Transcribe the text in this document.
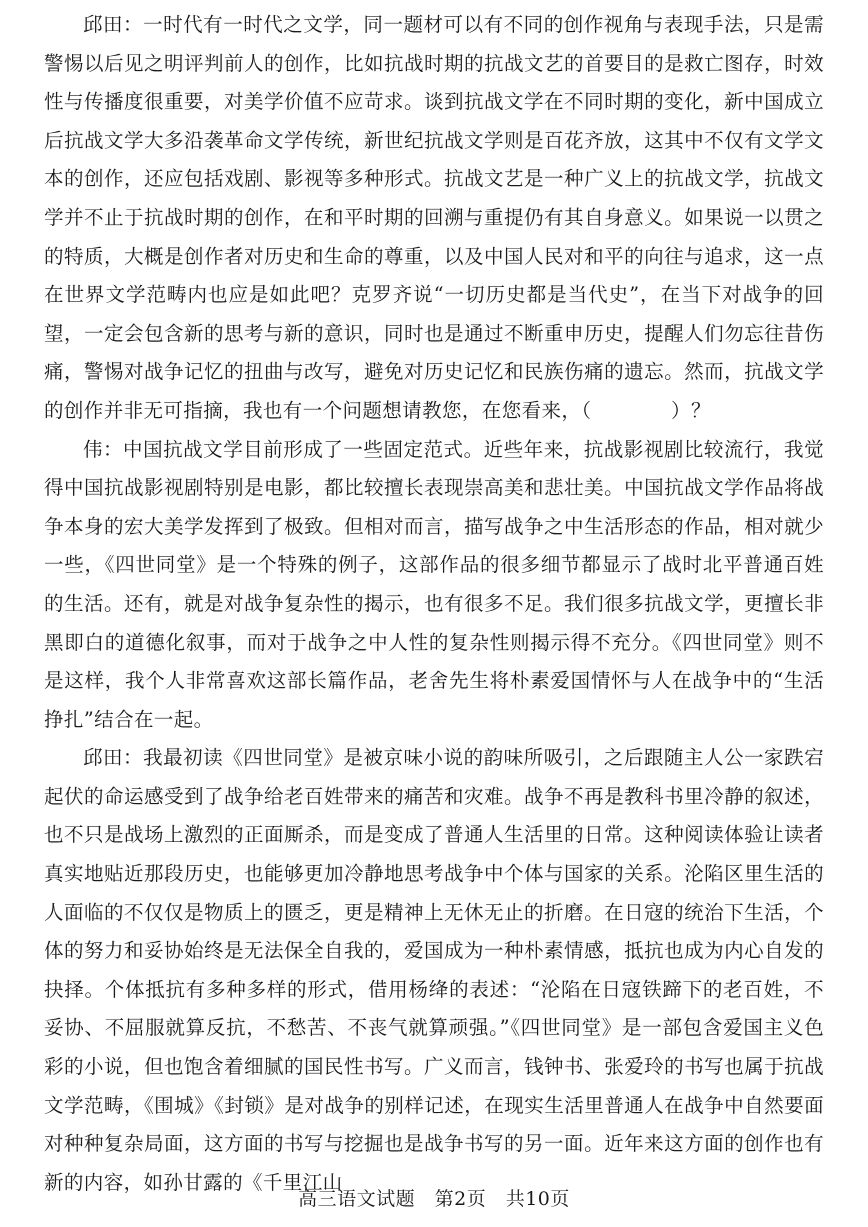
邱田：一时代有一时代之文学，同一题材可以有不同的创作视角与表现手法，只是需警惕以后见之明评判前人的创作，比如抗战时期的抗战文艺的首要目的是救亡图存，时效性与传播度很重要，对美学价值不应苛求。谈到抗战文学在不同时期的变化，新中国成立后抗战文学大多沿袭革命文学传统，新世纪抗战文学则是百花齐放，这其中不仅有文学文本的创作，还应包括戏剧、影视等多种形式。抗战文艺是一种广义上的抗战文学，抗战文学并不止于抗战时期的创作，在和平时期的回溯与重提仍有其自身意义。如果说一以贯之的特质，大概是创作者对历史和生命的尊重，以及中国人民对和平的向往与追求，这一点在世界文学范畴内也应是如此吧？克罗齐说“一切历史都是当代史”，在当下对战争的回望，一定会包含新的思考与新的意识，同时也是通过不断重申历史，提醒人们勿忘往昔伤痛，警惕对战争记忆的扭曲与改写，避免对历史记忆和民族伤痛的遗忘。然而，抗战文学的创作并非无可指摘，我也有一个问题想请教您，在您看来，（　　　　）？

伟：中国抗战文学目前形成了一些固定范式。近些年来，抗战影视剧比较流行，我觉得中国抗战影视剧特别是电影，都比较擅长表现崇高美和悲壮美。中国抗战文学作品将战争本身的宏大美学发挥到了极致。但相对而言，描写战争之中生活形态的作品，相对就少一些，《四世同堂》是一个特殊的例子，这部作品的很多细节都显示了战时北平普通百姓的生活。还有，就是对战争复杂性的揭示，也有很多不足。我们很多抗战文学，更擅长非黑即白的道德化叙事，而对于战争之中人性的复杂性则揭示得不充分。《四世同堂》则不是这样，我个人非常喜欢这部长篇作品，老舍先生将朴素爱国情怀与人在战争中的“生活挣扎”结合在一起。

邱田：我最初读《四世同堂》是被京味小说的韵味所吸引，之后跟随主人公一家跌宕起伏的命运感受到了战争给老百姓带来的痛苦和灾难。战争不再是教科书里冷静的叙述，也不只是战场上激烈的正面厮杀，而是变成了普通人生活里的日常。这种阅读体验让读者真实地贴近那段历史，也能够更加冷静地思考战争中个体与国家的关系。沦陷区里生活的人面临的不仅仅是物质上的匮乏，更是精神上无休无止的折磨。在日寇的统治下生活，个体的努力和妥协始终是无法保全自我的，爱国成为一种朴素情感，抵抗也成为内心自发的抉择。个体抵抗有多种多样的形式，借用杨绛的表述：“沦陷在日寇铁蹄下的老百姓，不妥协、不屈服就算反抗，不愁苦、不丧气就算顽强。”《四世同堂》是一部包含爱国主义色彩的小说，但也饱含着细腻的国民性书写。广义而言，钱钟书、张爱玲的书写也属于抗战文学范畴，《围城》《封锁》是对战争的别样记述，在现实生活里普通人在战争中自然要面对种种复杂局面，这方面的书写与挖掘也是战争书写的另一面。近年来这方面的创作也有新的内容，如孙甘露的《千里江山

高三语文试题　第2页　共10页
